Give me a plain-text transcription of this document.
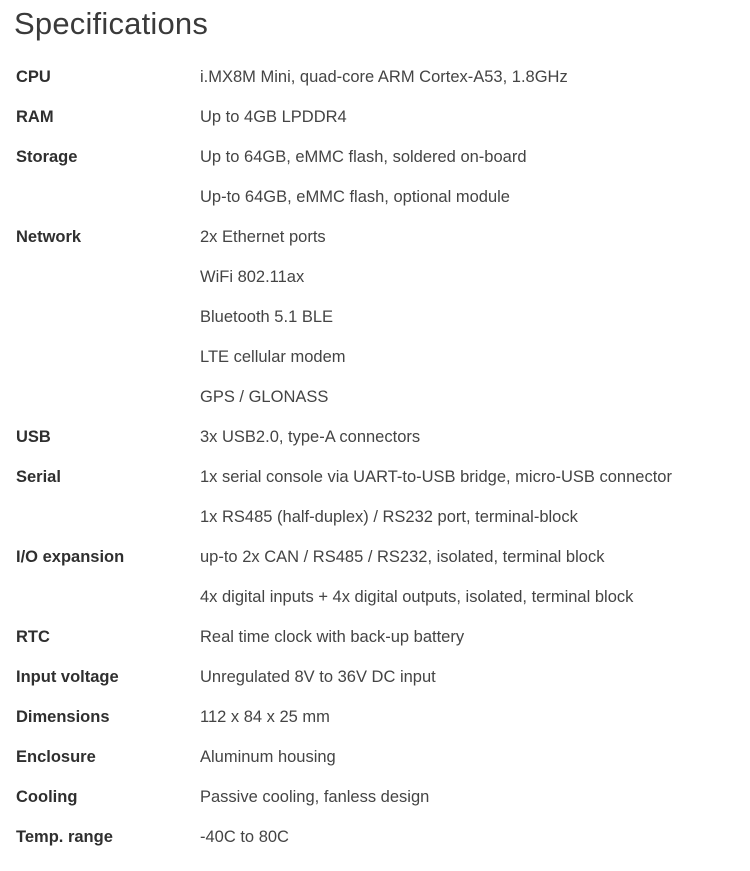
Specifications
CPU	i.MX8M Mini, quad-core ARM Cortex-A53, 1.8GHz
RAM	Up to 4GB LPDDR4
Storage	Up to 64GB, eMMC flash, soldered on-board
Up-to 64GB, eMMC flash, optional module
Network	2x Ethernet ports
WiFi 802.11ax
Bluetooth 5.1 BLE
LTE cellular modem
GPS / GLONASS
USB	3x USB2.0, type-A connectors
Serial	1x serial console via UART-to-USB bridge, micro-USB connector
1x RS485 (half-duplex) / RS232 port, terminal-block
I/O expansion	up-to 2x CAN / RS485 / RS232, isolated, terminal block
4x digital inputs + 4x digital outputs, isolated, terminal block
RTC	Real time clock with back-up battery
Input voltage	Unregulated 8V to 36V DC input
Dimensions	112 x 84 x 25 mm
Enclosure	Aluminum housing
Cooling	Passive cooling, fanless design
Temp. range	-40C to 80C
